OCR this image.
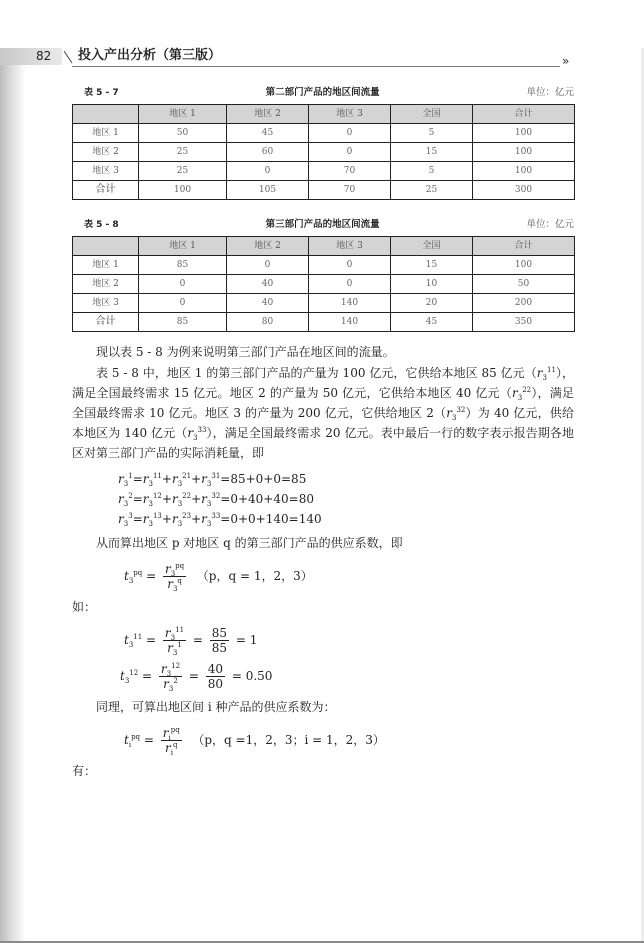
82 投入产出分析（第三版）	»
表 5 - 7	第二部门产品的地区间流量	单位：亿元
	地区 1	地区 2	地区 3	全国	合计
地区 1	50	45	0	5	100
地区 2	25	60	0	15	100
地区 3	25	0	70	5	100
合计	100	105	70	25	300
表 5 - 8	第三部门产品的地区间流量	单位：亿元
	地区 1	地区 2	地区 3	全国	合计
地区 1	85	0	0	15	100
地区 2	0	40	0	10	50
地区 3	0	40	140	20	200
合计	85	80	140	45	350
现以表 5 - 8 为例来说明第三部门产品在地区间的流量。
表 5 - 8 中，地区 1 的第三部门产品的产量为 100 亿元，它供给本地区 85 亿元$(r_3^{11})$，满足全国最终需求 15 亿元。地区 2 的产量为 50 亿元，它供给本地区 40 亿元$(r_3^{22})$，满足全国最终需求 10 亿元。地区 3 的产量为 200 亿元，它供给地区 $2(r_3^{32})$为 40 亿元，供给本地区为 140 亿元$(r_3^{33})$，满足全国最终需求 20 亿元。表中最后一行的数字表示报告期各地区对第三部门产品的实际消耗量，即
$r_3^1=r_3^{11}+r_3^{21}+r_3^{31}=85+0+0=85$
$r_3^2=r_3^{12}+r_3^{22}+r_3^{32}=0+40+40=80$
$r_3^3=r_3^{13}+r_3^{23}+r_3^{33}=0+0+140=140$
从而算出地区 p 对地区 q 的第三部门产品的供应系数，即
$t_3^{pq} = \frac{r_3^{pq}}{r_3^q} (p$，q = 1，2，3）
如：
$t_3^{11} = \frac{r_3^{11}}{r_3^1} = \frac{85}{85} = 1$
$t_3^{12} = \frac{r_3^{12}}{r_3^2} = \frac{40}{80} = 0.50$
同理，可算出地区间 i 种产品的供应系数为：
$t_i^{pq} = \frac{r_i^{pq}}{r_i^q} (p$，q =1，2，3；i = 1，2，3）
有：
